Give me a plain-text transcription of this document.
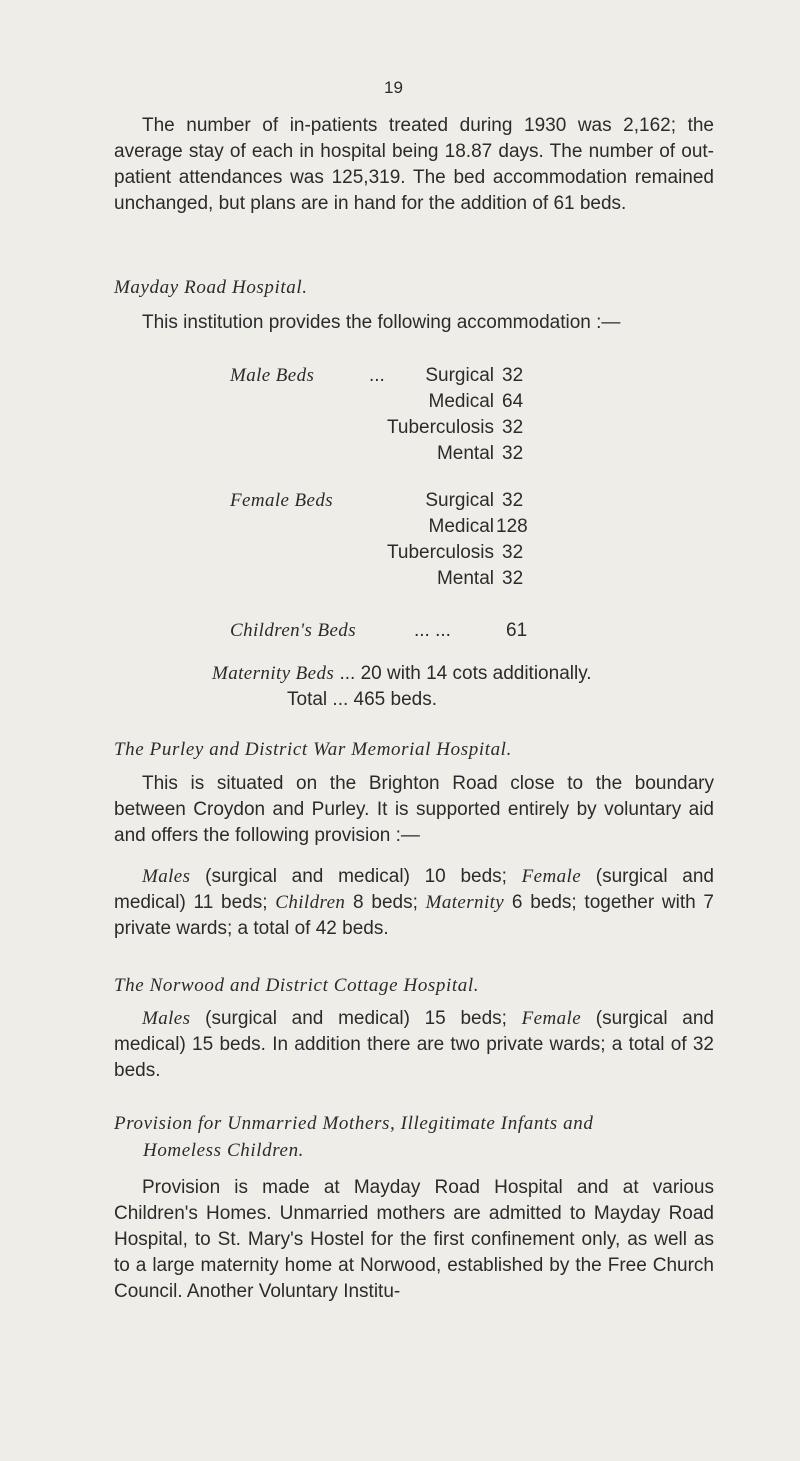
19

The number of in-patients treated during 1930 was 2,162; the average stay of each in hospital being 18.87 days. The number of out-patient attendances was 125,319. The bed accommodation remained unchanged, but plans are in hand for the addition of 61 beds.

Mayday Road Hospital.
This institution provides the following accommodation :—
Male Beds	... Surgical 32
Medical 64
Tuberculosis 32
Mental 32
Female Beds	Surgical 32
Medical 128
Tuberculosis 32
Mental 32
Children's Beds	... ...	61
Maternity Beds ... 20 with 14 cots additionally.
Total ... 465 beds.
The Purley and District War Memorial Hospital.

This is situated on the Brighton Road close to the boundary between Croydon and Purley. It is supported entirely by voluntary aid and offers the following provision :—

Males (surgical and medical) 10 beds; Female (surgical and medical) 11 beds; Children 8 beds; Maternity 6 beds; together with 7 private wards; a total of 42 beds.

The Norwood and District Cottage Hospital.

Males (surgical and medical) 15 beds; Female (surgical and medical) 15 beds. In addition there are two private wards; a total of 32 beds.

Provision for Unmarried Mothers, Illegitimate Infants and
Homeless Children.

Provision is made at Mayday Road Hospital and at various Children's Homes. Unmarried mothers are admitted to Mayday Road Hospital, to St. Mary's Hostel for the first confinement only, as well as to a large maternity home at Norwood, established by the Free Church Council. Another Voluntary Institu-
